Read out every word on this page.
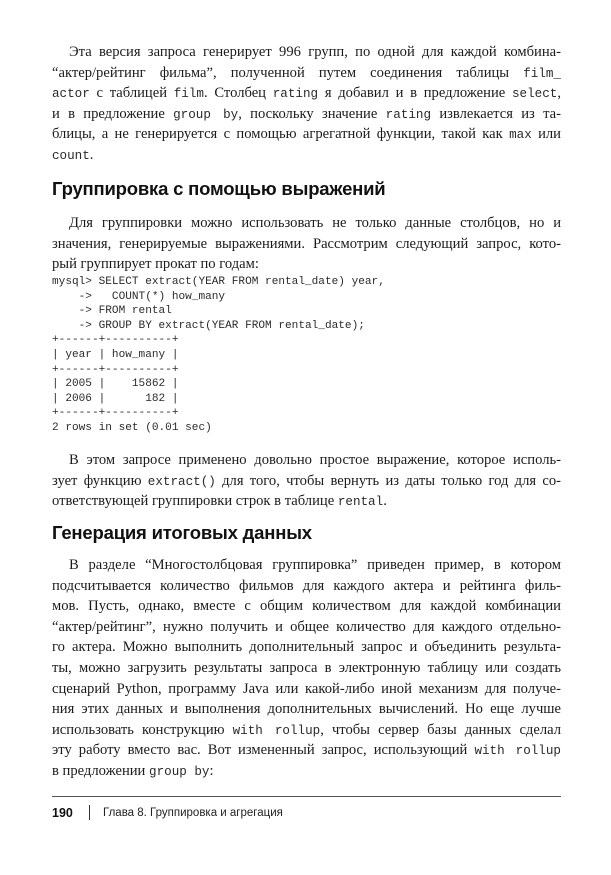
Эта версия запроса генерирует 996 групп, по одной для каждой комбина-
“актер/рейтинг фильма”, полученной путем соединения таблицы film_
actor с таблицей film. Столбец rating я добавил и в предложение select,
и в предложение group by, поскольку значение rating извлекается из та-
блицы, а не генерируется с помощью агрегатной функции, такой как max или
count.

Группировка с помощью выражений

Для группировки можно использовать не только данные столбцов, но и
значения, генерируемые выражениями. Рассмотрим следующий запрос, кото-
рый группирует прокат по годам:

mysql> SELECT extract(YEAR FROM rental_date) year,
->   COUNT(*) how_many
-> FROM rental
-> GROUP BY extract(YEAR FROM rental_date);
+------+----------+
| year | how_many |
+------+----------+
| 2005 |    15862 |
| 2006 |      182 |
+------+----------+
2 rows in set (0.01 sec)

В этом запросе применено довольно простое выражение, которое исполь-
зует функцию extract() для того, чтобы вернуть из даты только год для со-
ответствующей группировки строк в таблице rental.

Генерация итоговых данных

В разделе “Многостолбцовая группировка” приведен пример, в котором
подсчитывается количество фильмов для каждого актера и рейтинга филь-
мов. Пусть, однако, вместе с общим количеством для каждой комбинации
“актер/рейтинг”, нужно получить и общее количество для каждого отдельно-
го актера. Можно выполнить дополнительный запрос и объединить результа-
ты, можно загрузить результаты запроса в электронную таблицу или создать
сценарий Python, программу Java или какой-либо иной механизм для получе-
ния этих данных и выполнения дополнительных вычислений. Но еще лучше
использовать конструкцию with rollup, чтобы сервер базы данных сделал
эту работу вместо вас. Вот измененный запрос, использующий with rollup
в предложении group by:

190	Глава 8. Группировка и агрегация
